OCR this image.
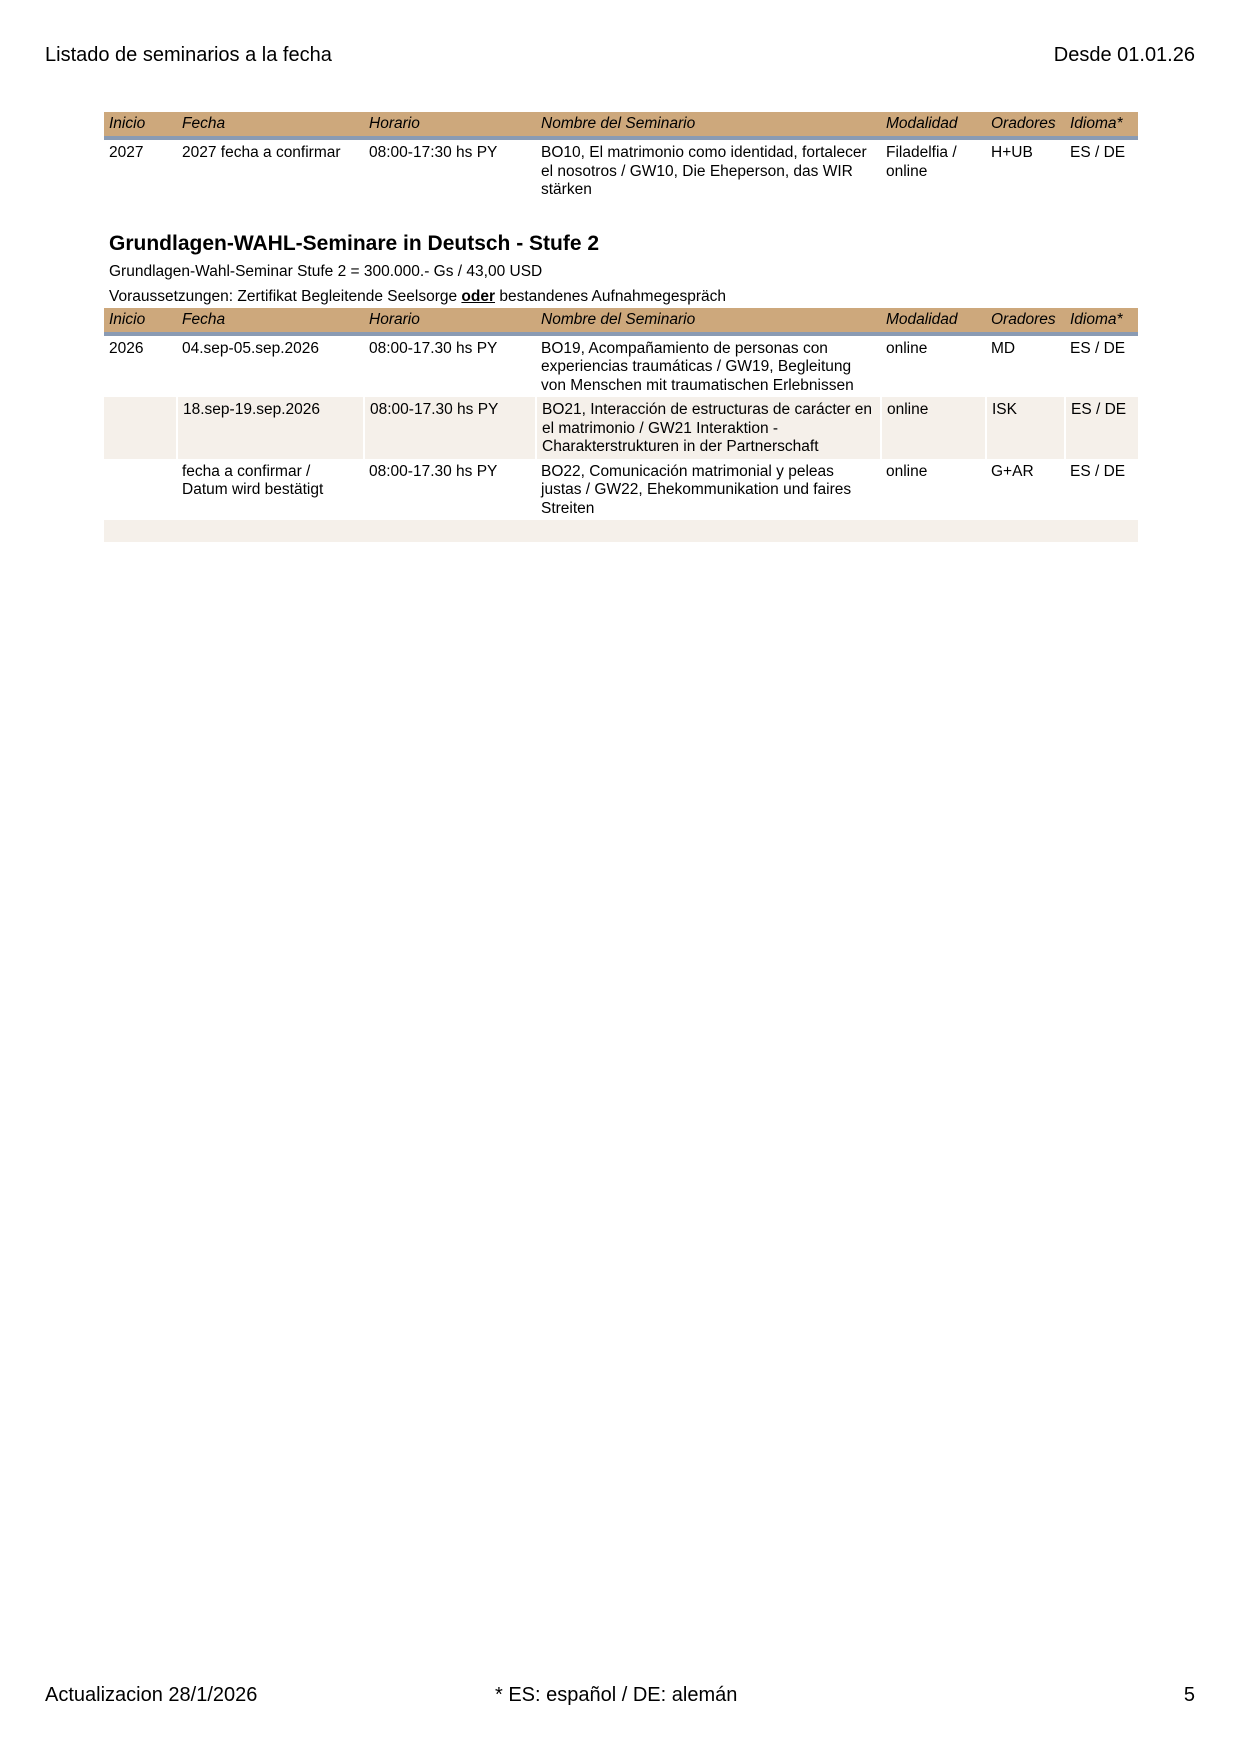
Listado de seminarios a la fecha	Desde 01.01.26
Inicio	Fecha	Horario	Nombre del Seminario	Modalidad	Oradores	Idioma*
2027	2027 fecha a confirmar	08:00-17:30 hs PY	BO10, El matrimonio como identidad, fortalecer el nosotros / GW10, Die Eheperson, das WIR stärken	Filadelfia / online	H+UB	ES / DE
Grundlagen-WAHL-Seminare in Deutsch - Stufe 2
Grundlagen-Wahl-Seminar Stufe 2 = 300.000.- Gs / 43,00 USD
Voraussetzungen: Zertifikat Begleitende Seelsorge oder bestandenes Aufnahmegespräch
Inicio	Fecha	Horario	Nombre del Seminario	Modalidad	Oradores	Idioma*
2026	04.sep-05.sep.2026	08:00-17.30 hs PY	BO19, Acompañamiento de personas con experiencias traumáticas / GW19, Begleitung von Menschen mit traumatischen Erlebnissen	online	MD	ES / DE
	18.sep-19.sep.2026	08:00-17.30 hs PY	BO21, Interacción de estructuras de carácter en el matrimonio / GW21 Interaktion - Charakterstrukturen in der Partnerschaft	online	ISK	ES / DE
	fecha a confirmar / Datum wird bestätigt	08:00-17.30 hs PY	BO22, Comunicación matrimonial y peleas justas / GW22, Ehekommunikation und faires Streiten	online	G+AR	ES / DE

Actualizacion 28/1/2026	* ES: español / DE: alemán	5
